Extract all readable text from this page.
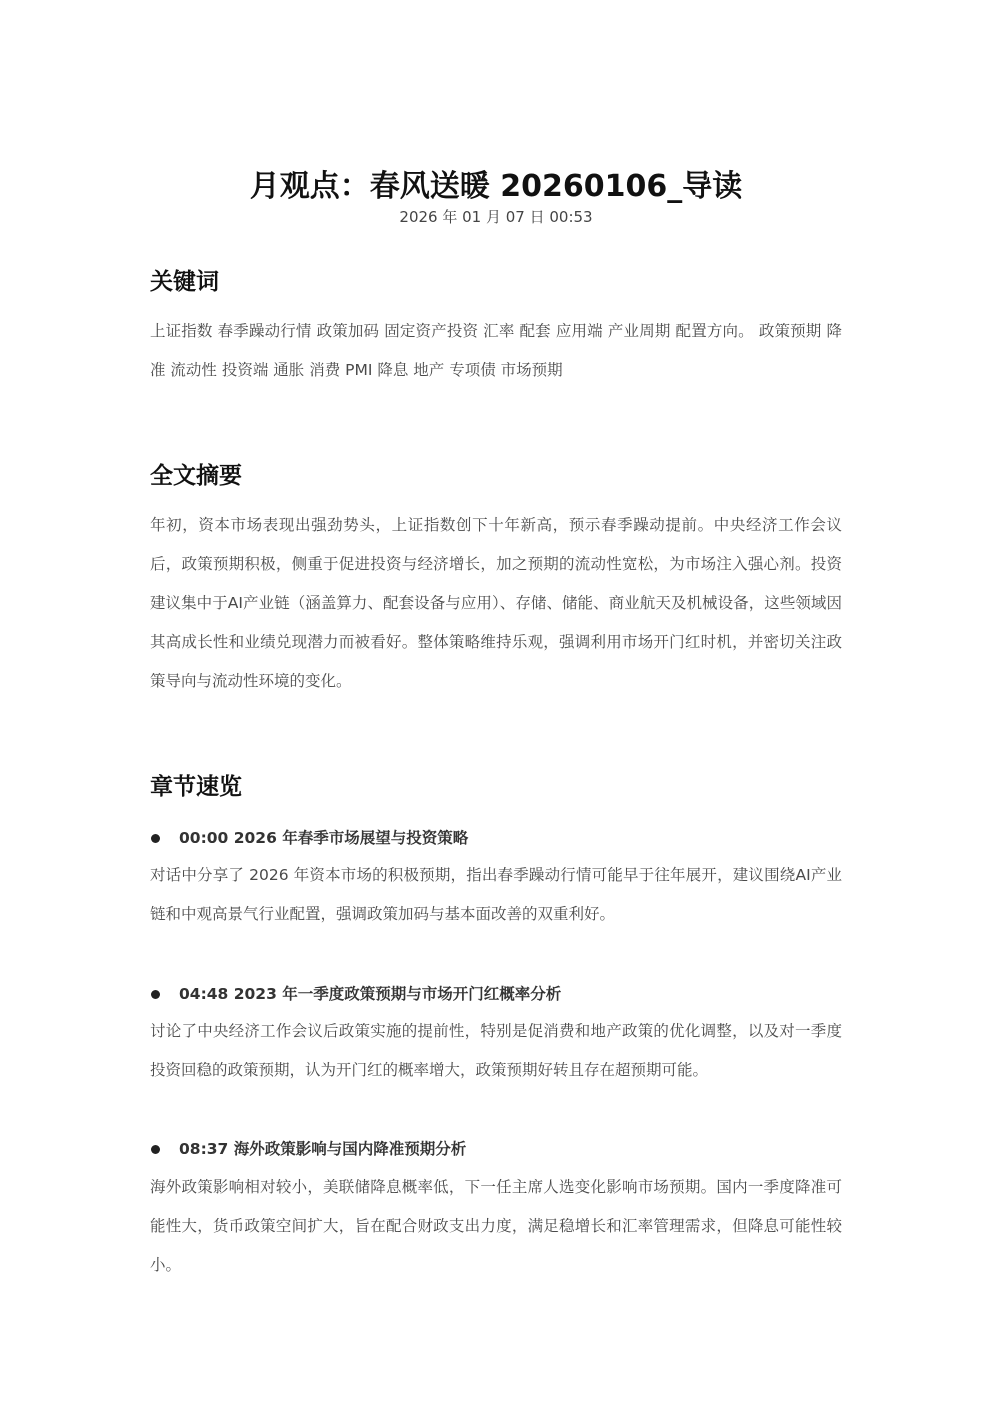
月观点：春风送暖 20260106_导读
2026 年 01 月 07 日 00:53
关键词

上证指数 春季躁动行情 政策加码 固定资产投资 汇率 配套 应用端 产业周期 配置方向。 政策预期 降准 流动性 投资端 通胀 消费 PMI 降息 地产 专项债 市场预期

全文摘要

年初，资本市场表现出强劲势头，上证指数创下十年新高，预示春季躁动提前。中央经济工作会议后，政策预期积极，侧重于促进投资与经济增长，加之预期的流动性宽松，为市场注入强心剂。投资建议集中于AI产业链（涵盖算力、配套设备与应用）、存储、储能、商业航天及机械设备，这些领域因其高成长性和业绩兑现潜力而被看好。整体策略维持乐观，强调利用市场开门红时机，并密切关注政策导向与流动性环境的变化。

章节速览
00:00 2026 年春季市场展望与投资策略

对话中分享了 2026 年资本市场的积极预期，指出春季躁动行情可能早于往年展开，建议围绕AI产业链和中观高景气行业配置，强调政策加码与基本面改善的双重利好。

04:48 2023 年一季度政策预期与市场开门红概率分析

讨论了中央经济工作会议后政策实施的提前性，特别是促消费和地产政策的优化调整，以及对一季度投资回稳的政策预期，认为开门红的概率增大，政策预期好转且存在超预期可能。

08:37 海外政策影响与国内降准预期分析

海外政策影响相对较小，美联储降息概率低，下一任主席人选变化影响市场预期。国内一季度降准可能性大，货币政策空间扩大，旨在配合财政支出力度，满足稳增长和汇率管理需求，但降息可能性较小。
